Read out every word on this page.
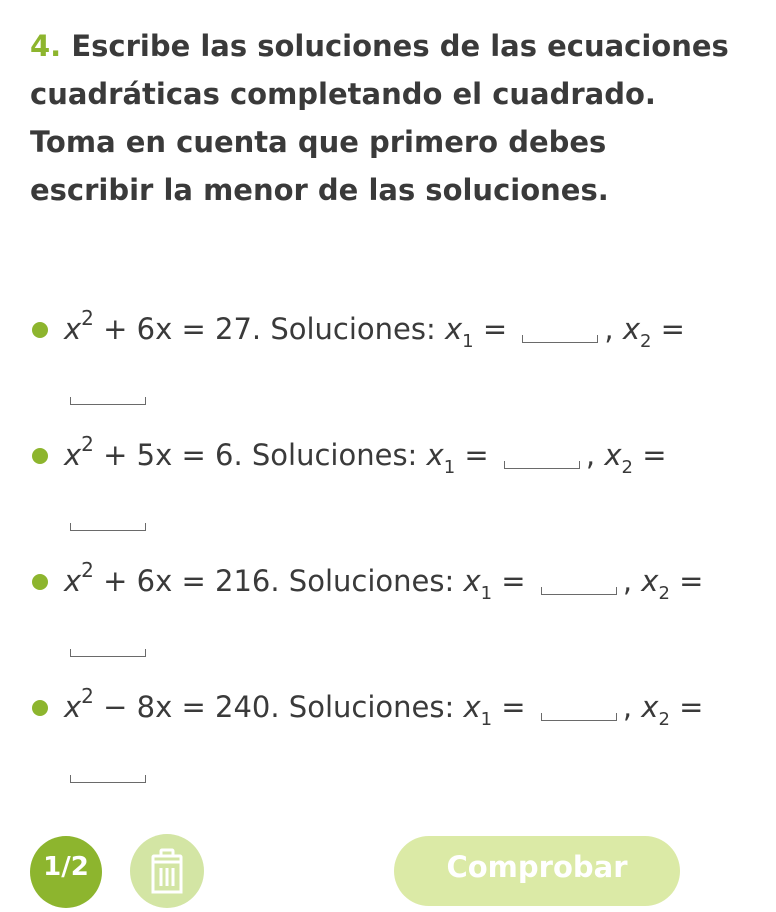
4. Escribe las soluciones de las ecuaciones cuadráticas completando el cuadrado. Toma en cuenta que primero debes escribir la menor de las soluciones.
$x^2 + 6x = 27$. Soluciones: $x_1$ =	, $x_2$ =
$x^2 + 5x = 6$. Soluciones: $x_1$ =	, $x_2$ =
$x^2 + 6x = 216$. Soluciones: $x_1$ =	, $x_2$ =
$x^2 - 8x = 240$. Soluciones: $x_1$ =	, $x_2$ =
1/2	Comprobar
